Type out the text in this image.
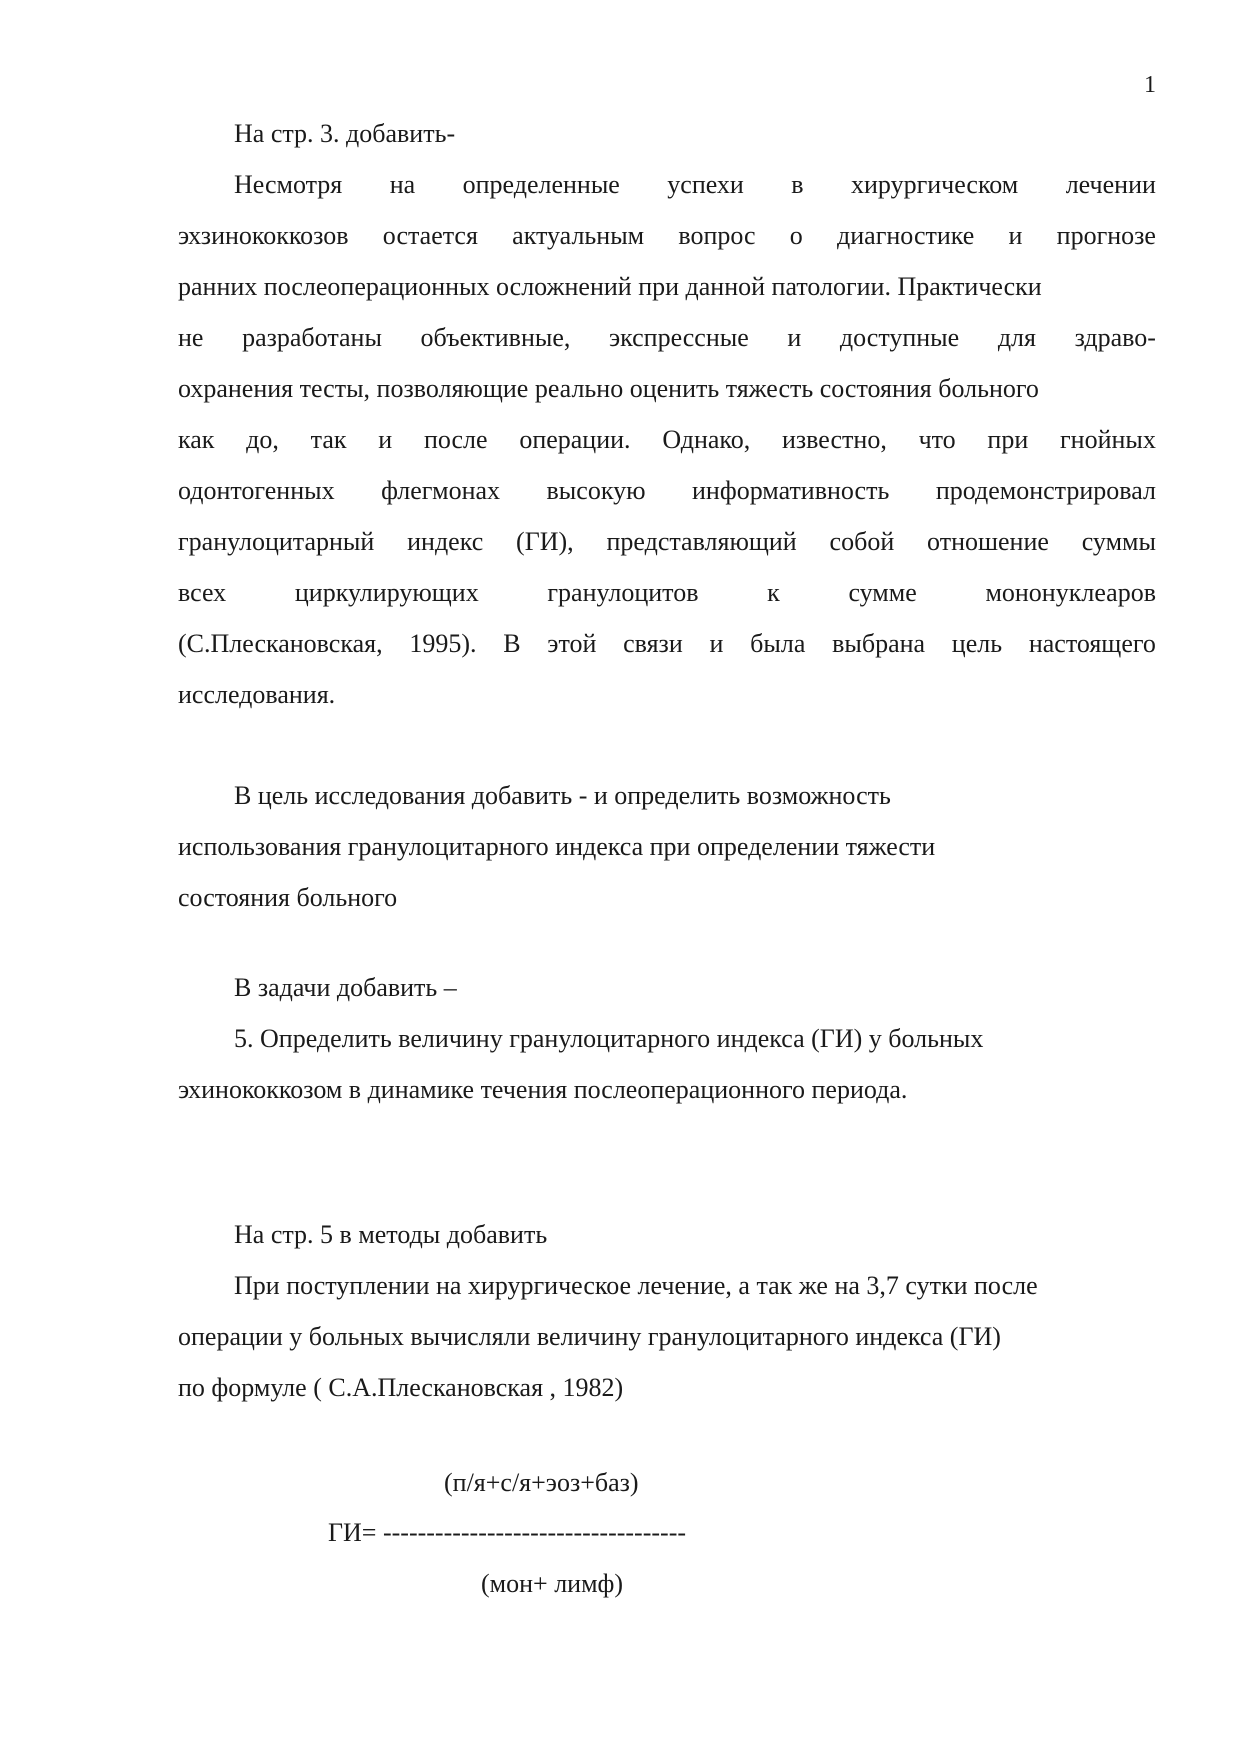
1
На стр. 3. добавить-
Несмотря на определенные успехи в хирургическом лечении
эхзинококкозов остается актуальным вопрос о диагностике и прогнозе
ранних послеоперационных осложнений при данной патологии. Практически
не разработаны объективные, экспрессные и доступные для здраво-
охранения тесты, позволяющие реально оценить тяжесть состояния больного
как до, так и после операции. Однако, известно, что при гнойных
одонтогенных флегмонах высокую информативность продемонстрировал
гранулоцитарный индекс (ГИ), представляющий собой отношение суммы
всех	циркулирующих	гранулоцитов	к	сумме	мононуклеаров
(С.Плескановская, 1995). В этой связи и была выбрана цель настоящего
исследования.
В цель исследования добавить - и определить возможность
использования гранулоцитарного индекса при определении тяжести
состояния больного
В задачи добавить –
5. Определить величину гранулоцитарного индекса (ГИ) у больных
эхинококкозом в динамике течения послеоперационного периода.
На стр. 5 в методы добавить
При поступлении на хирургическое лечение, а так же на 3,7 сутки после
операции у больных вычисляли величину гранулоцитарного индекса (ГИ)
по формуле ( С.А.Плескановская , 1982)
(п/я+с/я+эоз+баз)
ГИ= -----------------------------------
(мон+ лимф)
